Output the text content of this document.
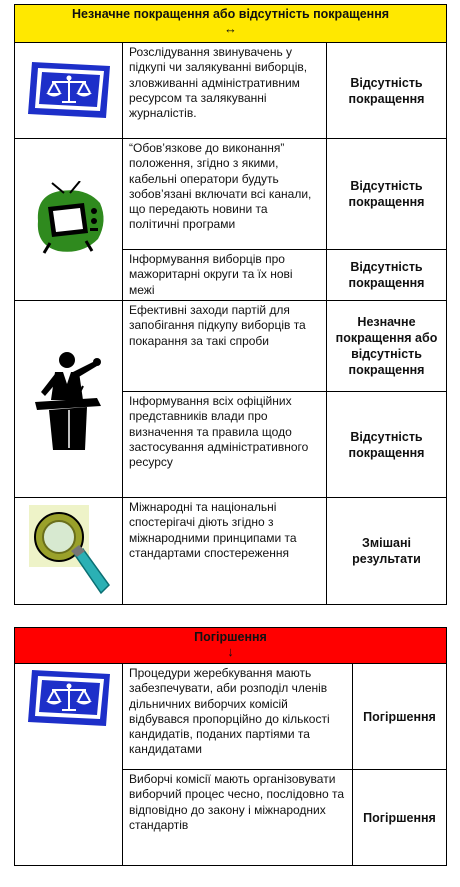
Незначне покращення або відсутність покращення
↔		

	Розслідування звинувачень у підкупі чи залякуванні виборців, зловживанні адміністративним ресурсом та залякуванні журналістів.	Відсутність покращення

	“Обов’язкове до виконання” положення, згідно з якими, кабельні оператори будуть зобов’язані включати всі канали, що передають новини та політичні програми	Відсутність покращення
	Інформування виборців про мажоритарні округи та їх нові межі	Відсутність покращення

	Ефективні заходи партій для запобігання підкупу виборців та покарання за такі спроби	Незначне покращення або відсутність покращення
	Інформування всіх офіційних представників влади про визначення та правила щодо застосування адміністративного ресурсу	Відсутність покращення

	Міжнародні та національні спостерігачі діють згідно з міжнародними принципами та стандартами спостереження	Змішані результати
Погіршення
↓		

	Процедури жеребкування мають забезпечувати, аби розподіл членів дільничних виборчих комісій відбувався пропорційно до кількості кандидатів, поданих партіями та кандидатами	Погіршення
	Виборчі комісії мають організовувати виборчий процес чесно, послідовно та відповідно до закону і міжнародних стандартів	Погіршення
